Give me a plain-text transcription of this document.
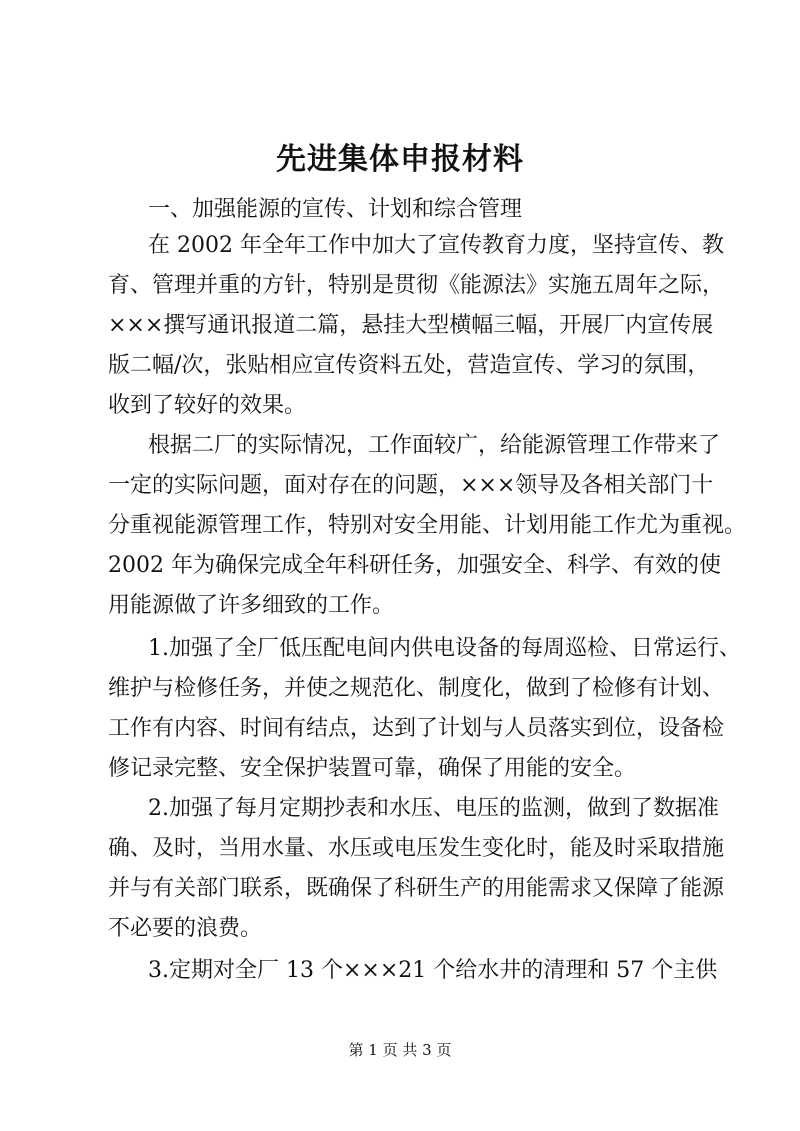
先进集体申报材料
一、加强能源的宣传、计划和综合管理
在 2002 年全年工作中加大了宣传教育力度，坚持宣传、教
育、管理并重的方针，特别是贯彻《能源法》实施五周年之际，
×××撰写通讯报道二篇，悬挂大型横幅三幅，开展厂内宣传展
版二幅/次，张贴相应宣传资料五处，营造宣传、学习的氛围，
收到了较好的效果。
根据二厂的实际情况，工作面较广，给能源管理工作带来了
一定的实际问题，面对存在的问题，×××领导及各相关部门十
分重视能源管理工作，特别对安全用能、计划用能工作尤为重视。
2002 年为确保完成全年科研任务，加强安全、科学、有效的使
用能源做了许多细致的工作。
1.加强了全厂低压配电间内供电设备的每周巡检、日常运行、
维护与检修任务，并使之规范化、制度化，做到了检修有计划、
工作有内容、时间有结点，达到了计划与人员落实到位，设备检
修记录完整、安全保护装置可靠，确保了用能的安全。
2.加强了每月定期抄表和水压、电压的监测，做到了数据准
确、及时，当用水量、水压或电压发生变化时，能及时采取措施
并与有关部门联系，既确保了科研生产的用能需求又保障了能源
不必要的浪费。
3.定期对全厂 13 个×××21 个给水井的清理和 57 个主供
第 1 页 共 3 页
